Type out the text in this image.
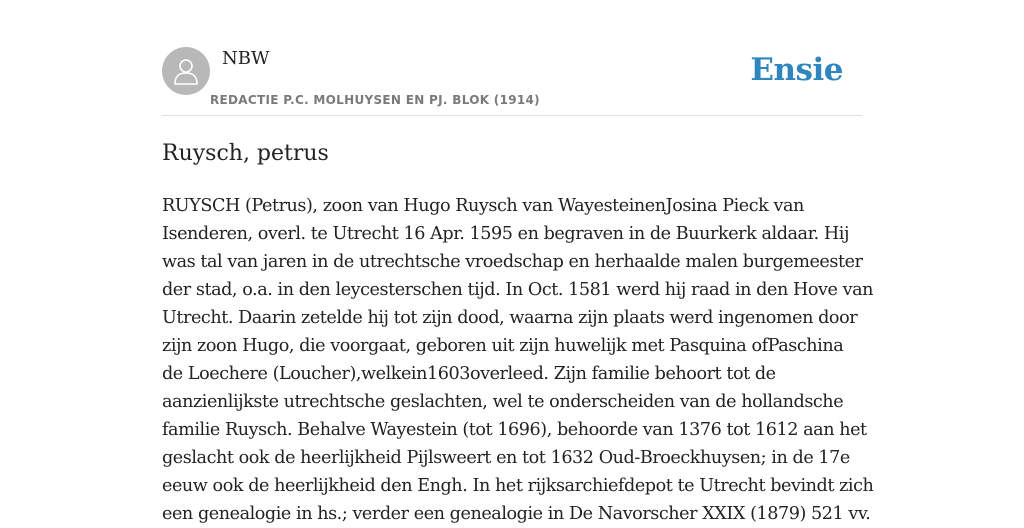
NBW
REDACTIE P.C. MOLHUYSEN EN PJ. BLOK (1914)
Ensie
Ruysch, petrus

RUYSCH (Petrus), zoon van Hugo Ruysch van WayesteinenJosina Pieck van
Isenderen, overl. te Utrecht 16 Apr. 1595 en begraven in de Buurkerk aldaar. Hij
was tal van jaren in de utrechtsche vroedschap en herhaalde malen burgemeester
der stad, o.a. in den leycesterschen tijd. In Oct. 1581 werd hij raad in den Hove van
Utrecht. Daarin zetelde hij tot zijn dood, waarna zijn plaats werd ingenomen door
zijn zoon Hugo, die voorgaat, geboren uit zijn huwelijk met Pasquina ofPaschina
de Loechere (Loucher),welkein1603overleed. Zijn familie behoort tot de
aanzienlijkste utrechtsche geslachten, wel te onderscheiden van de hollandsche
familie Ruysch. Behalve Wayestein (tot 1696), behoorde van 1376 tot 1612 aan het
geslacht ook de heerlijkheid Pijlsweert en tot 1632 Oud-Broeckhuysen; in de 17e
eeuw ook de heerlijkheid den Engh. In het rijksarchiefdepot te Utrecht bevindt zich
een genealogie in hs.; verder een genealogie in De Navorscher XXIX (1879) 521 vv.
